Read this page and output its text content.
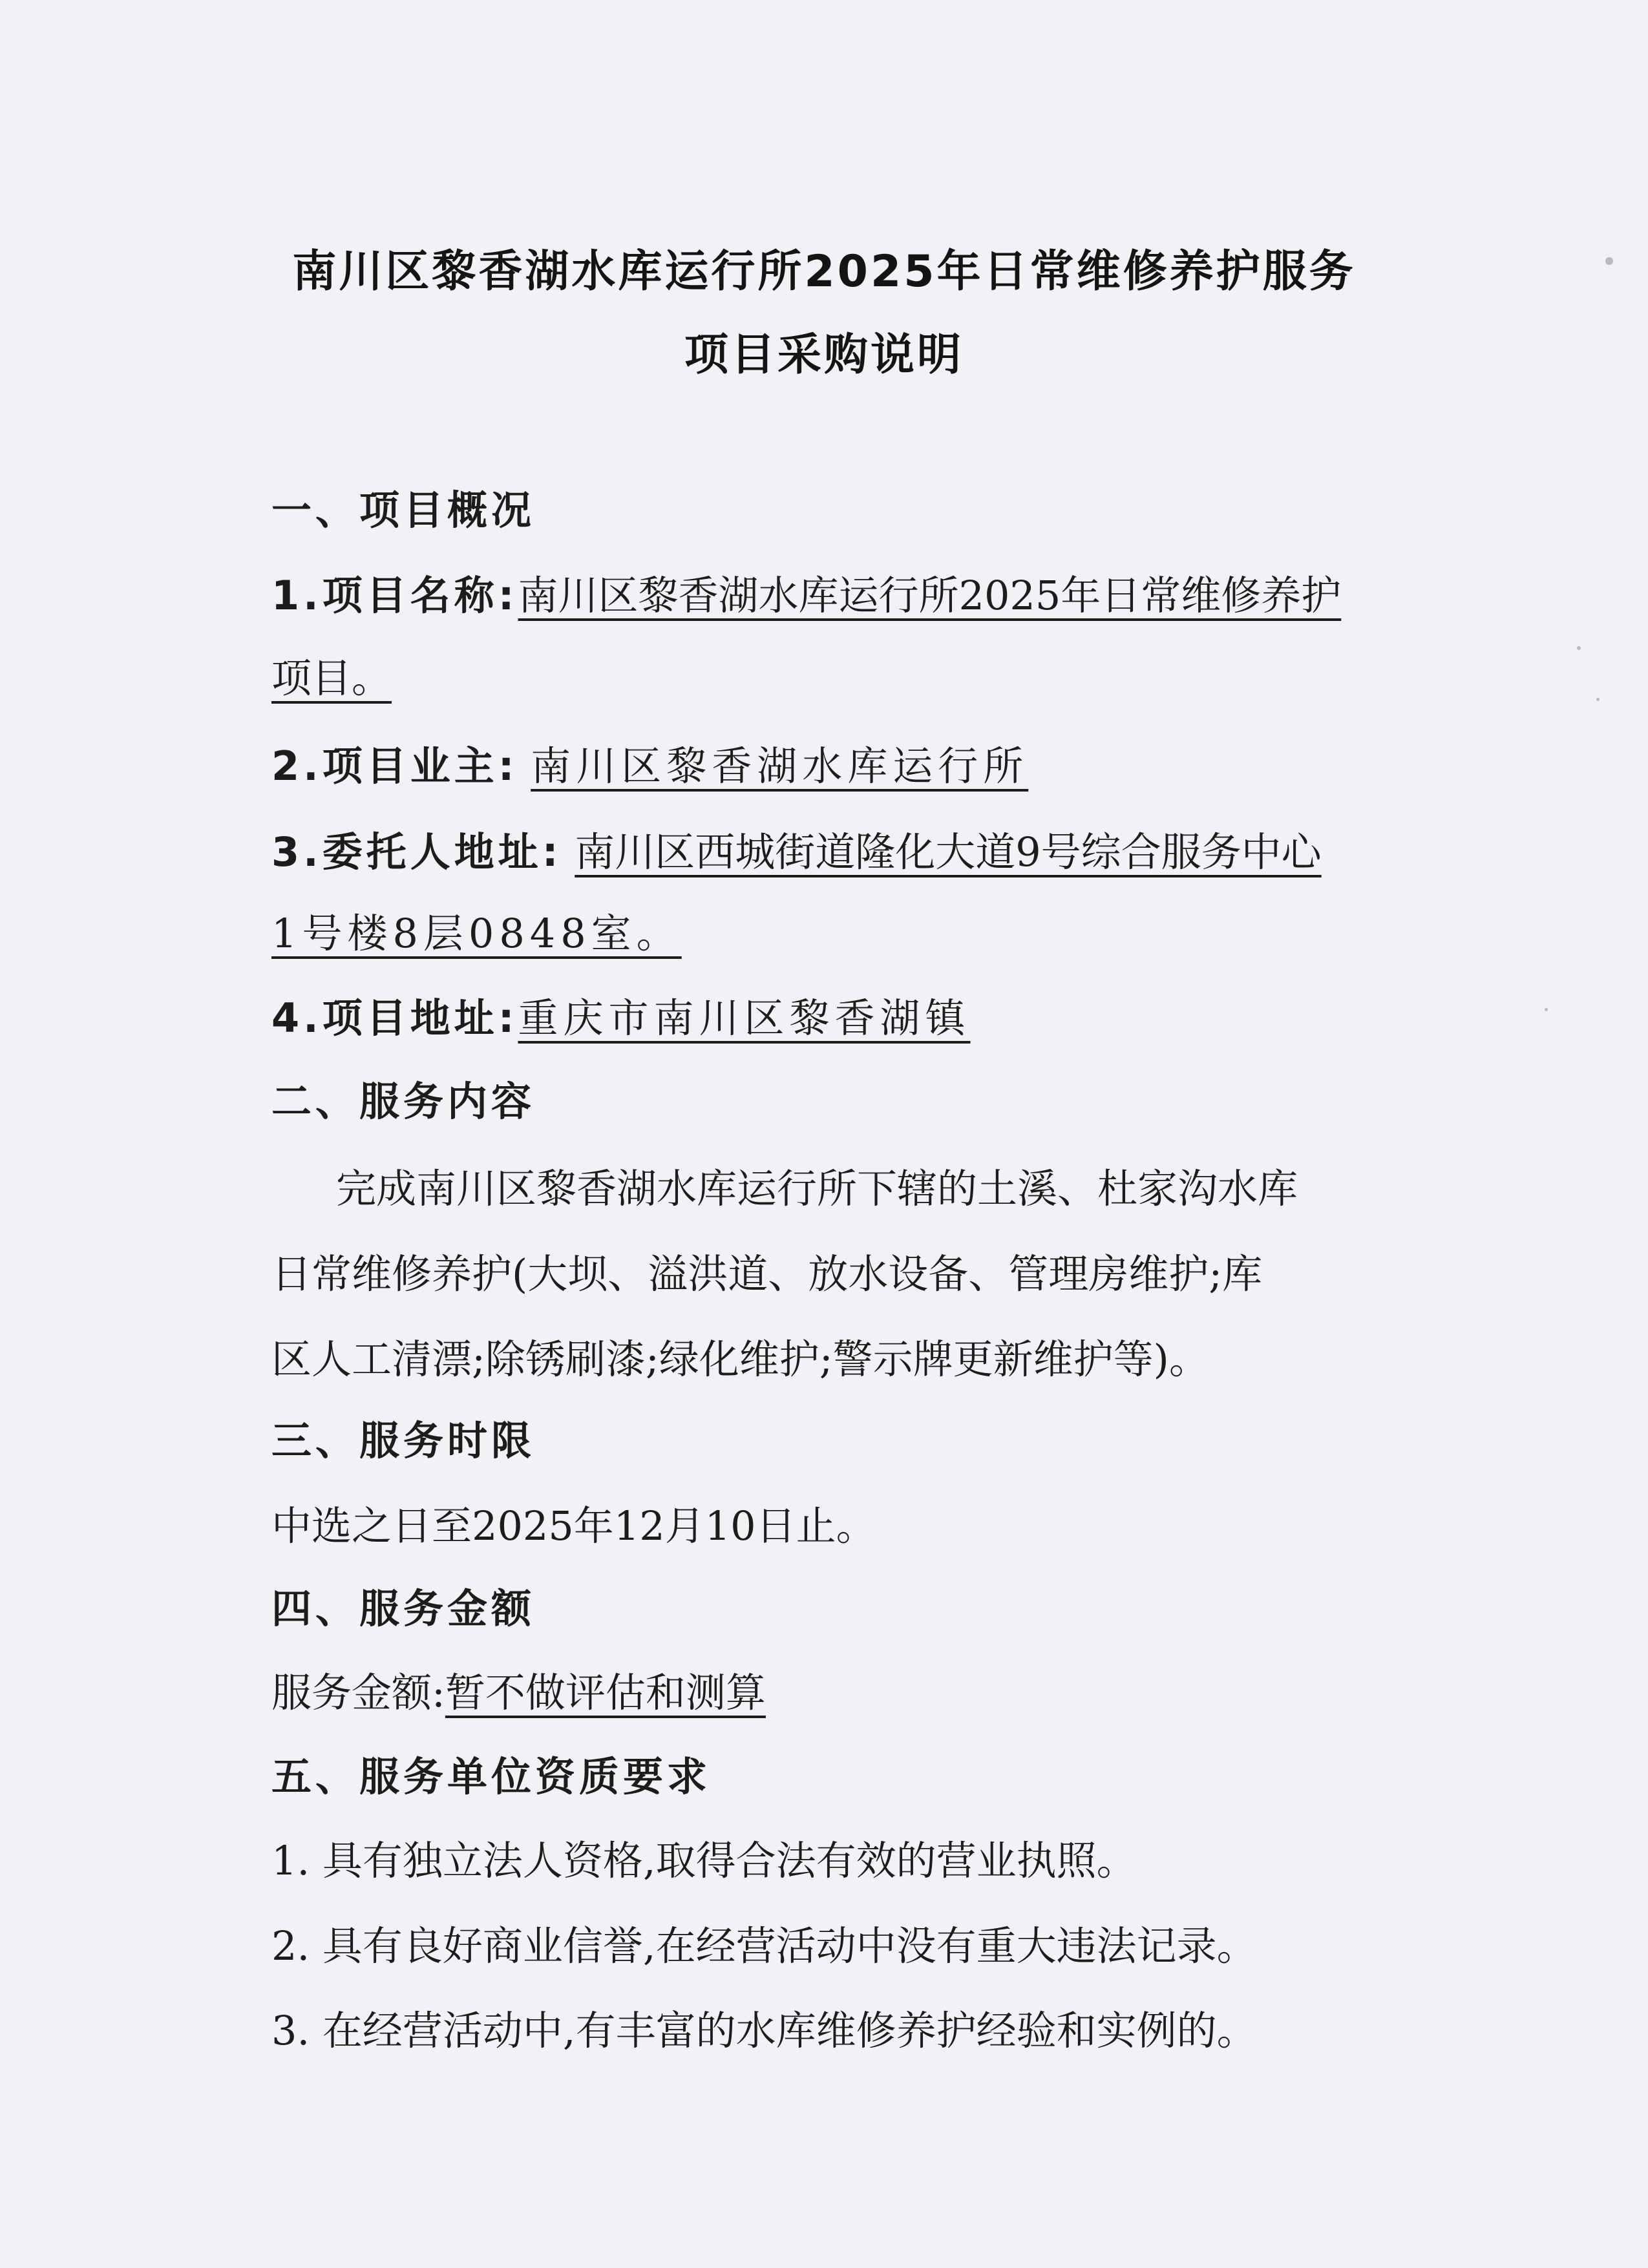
南川区黎香湖水库运行所2025年日常维修养护服务
项目采购说明
一、项目概况
1.项目名称:南川区黎香湖水库运行所2025年日常维修养护
项目。
2.项目业主: 南川区黎香湖水库运行所
3.委托人地址: 南川区西城街道隆化大道9号综合服务中心
1号楼8层0848室。
4.项目地址:重庆市南川区黎香湖镇
二、服务内容
完成南川区黎香湖水库运行所下辖的土溪、杜家沟水库
日常维修养护(大坝、溢洪道、放水设备、管理房维护;库
区人工清漂;除锈刷漆;绿化维护;警示牌更新维护等)。
三、服务时限
中选之日至2025年12月10日止。
四、服务金额
服务金额:暂不做评估和测算
五、服务单位资质要求
1. 具有独立法人资格,取得合法有效的营业执照。
2. 具有良好商业信誉,在经营活动中没有重大违法记录。
3. 在经营活动中,有丰富的水库维修养护经验和实例的。
